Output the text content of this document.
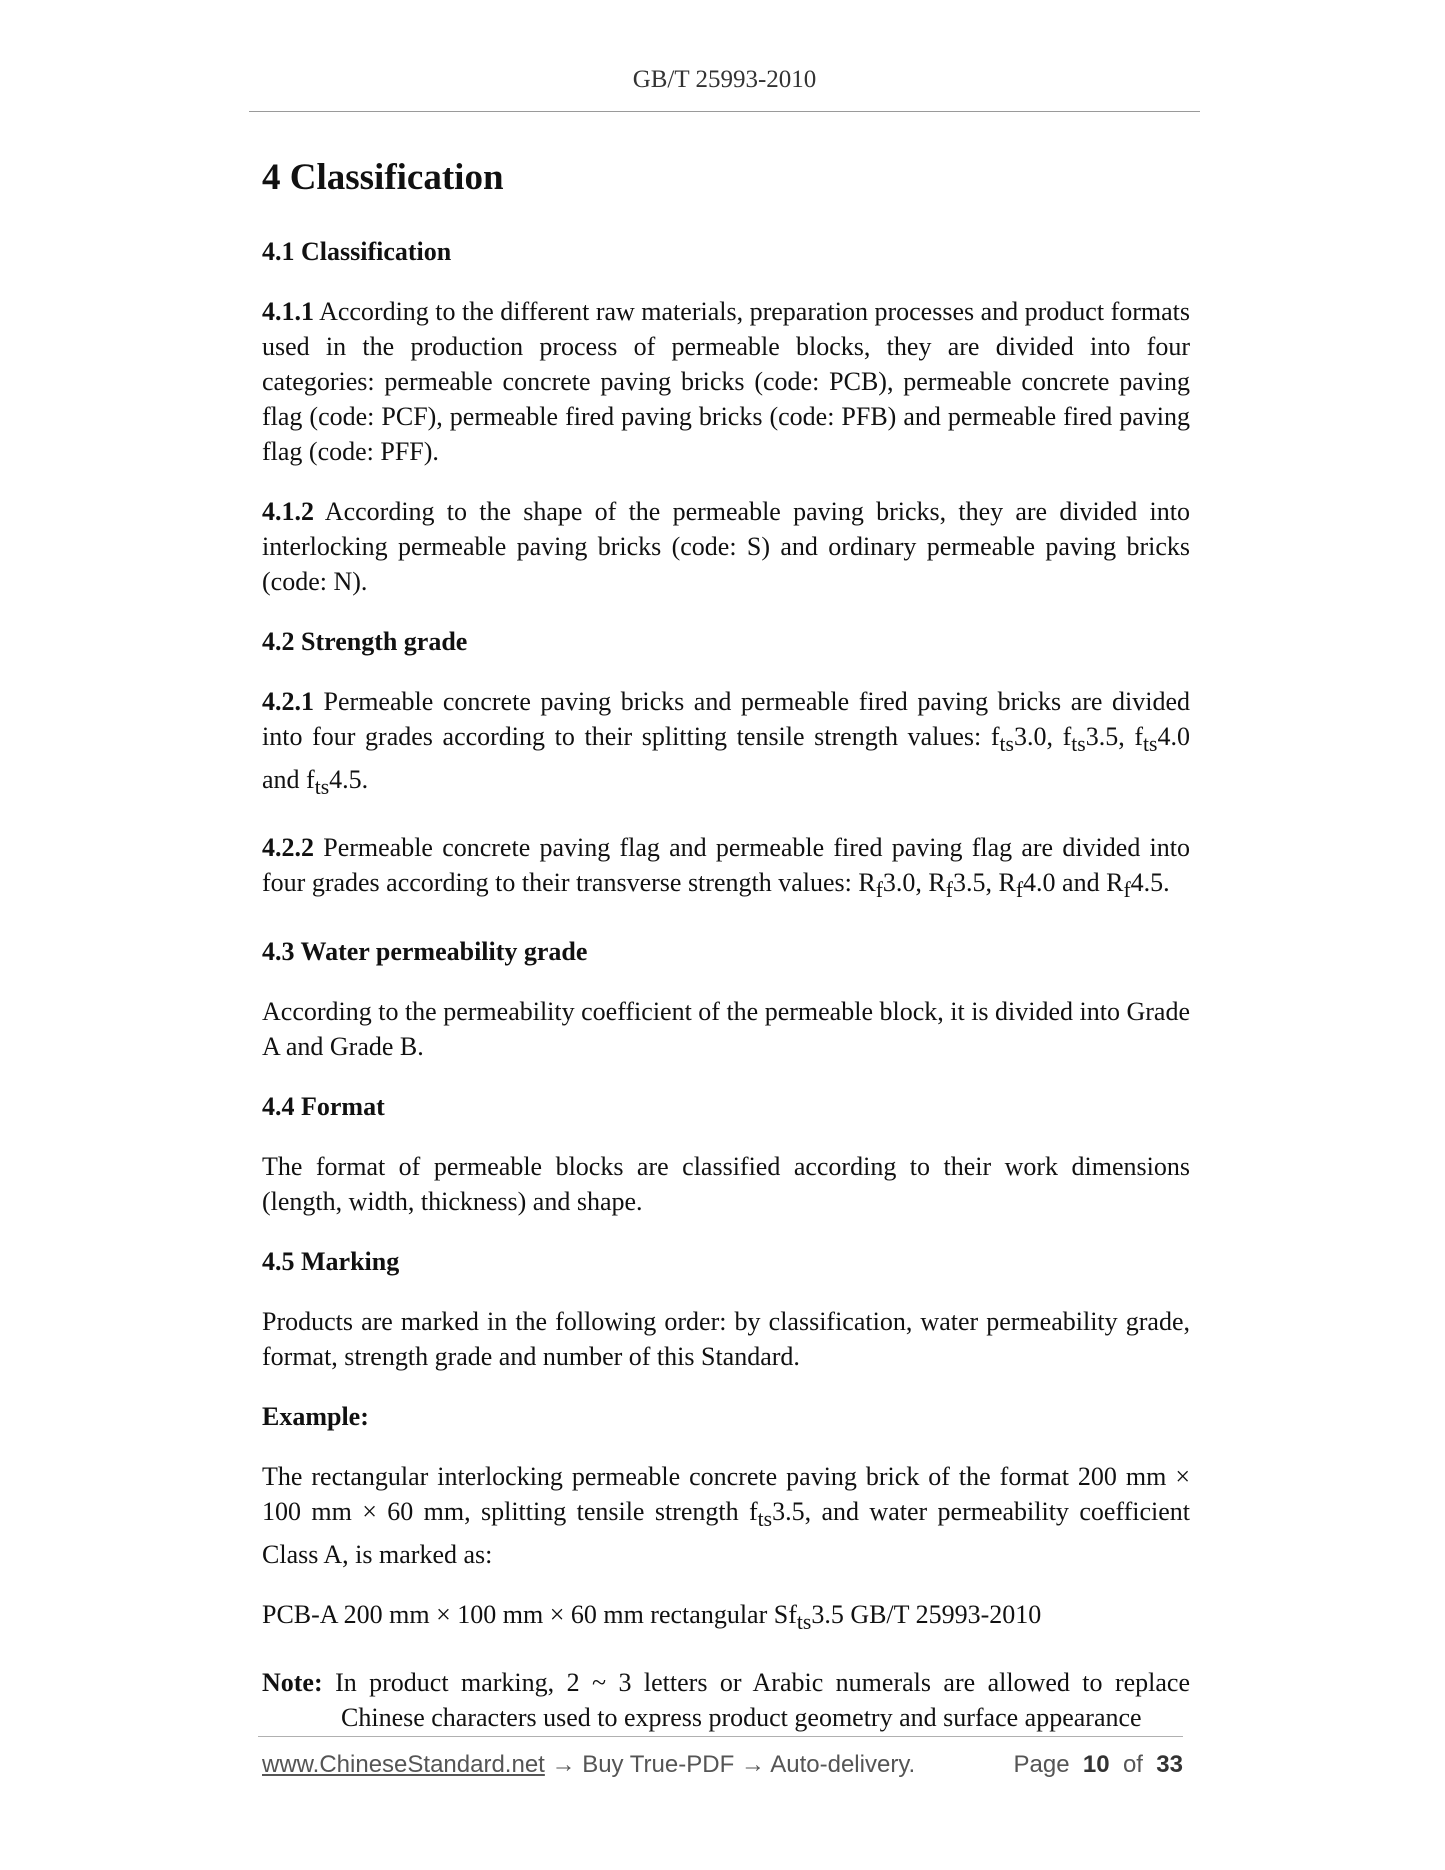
GB/T 25993-2010
4 Classification
4.1 Classification

4.1.1 According to the different raw materials, preparation processes and product formats used in the production process of permeable blocks, they are divided into four categories: permeable concrete paving bricks (code: PCB), permeable concrete paving flag (code: PCF), permeable fired paving bricks (code: PFB) and permeable fired paving flag (code: PFF).

4.1.2 According to the shape of the permeable paving bricks, they are divided into interlocking permeable paving bricks (code: S) and ordinary permeable paving bricks (code: N).

4.2 Strength grade

4.2.1 Permeable concrete paving bricks and permeable fired paving bricks are divided into four grades according to their splitting tensile strength values: $f_{ts}3.0$, $f_{ts}3.5$, $f_{ts}4.0$ and $f_{ts}4.5$.

4.2.2 Permeable concrete paving flag and permeable fired paving flag are divided into four grades according to their transverse strength values: $R_f3.0$, $R_f3.5$, $R_f4.0$ and $R_f4.5$.

4.3 Water permeability grade

According to the permeability coefficient of the permeable block, it is divided into Grade A and Grade B.

4.4 Format

The format of permeable blocks are classified according to their work dimensions (length, width, thickness) and shape.

4.5 Marking

Products are marked in the following order: by classification, water permeability grade, format, strength grade and number of this Standard.

Example:

The rectangular interlocking permeable concrete paving brick of the format 200 mm × 100 mm × 60 mm, splitting tensile strength $f_{ts}3.5$, and water permeability coefficient Class A, is marked as:

PCB-A 200 mm × 100 mm × 60 mm rectangular $Sf_{ts}3.5$ GB/T 25993-2010

Note: In product marking, 2 ~ 3 letters or Arabic numerals are allowed to replace Chinese characters used to express product geometry and surface appearance

www.ChineseStandard.net → Buy True-PDF → Auto-delivery.	Page 10 of 33
